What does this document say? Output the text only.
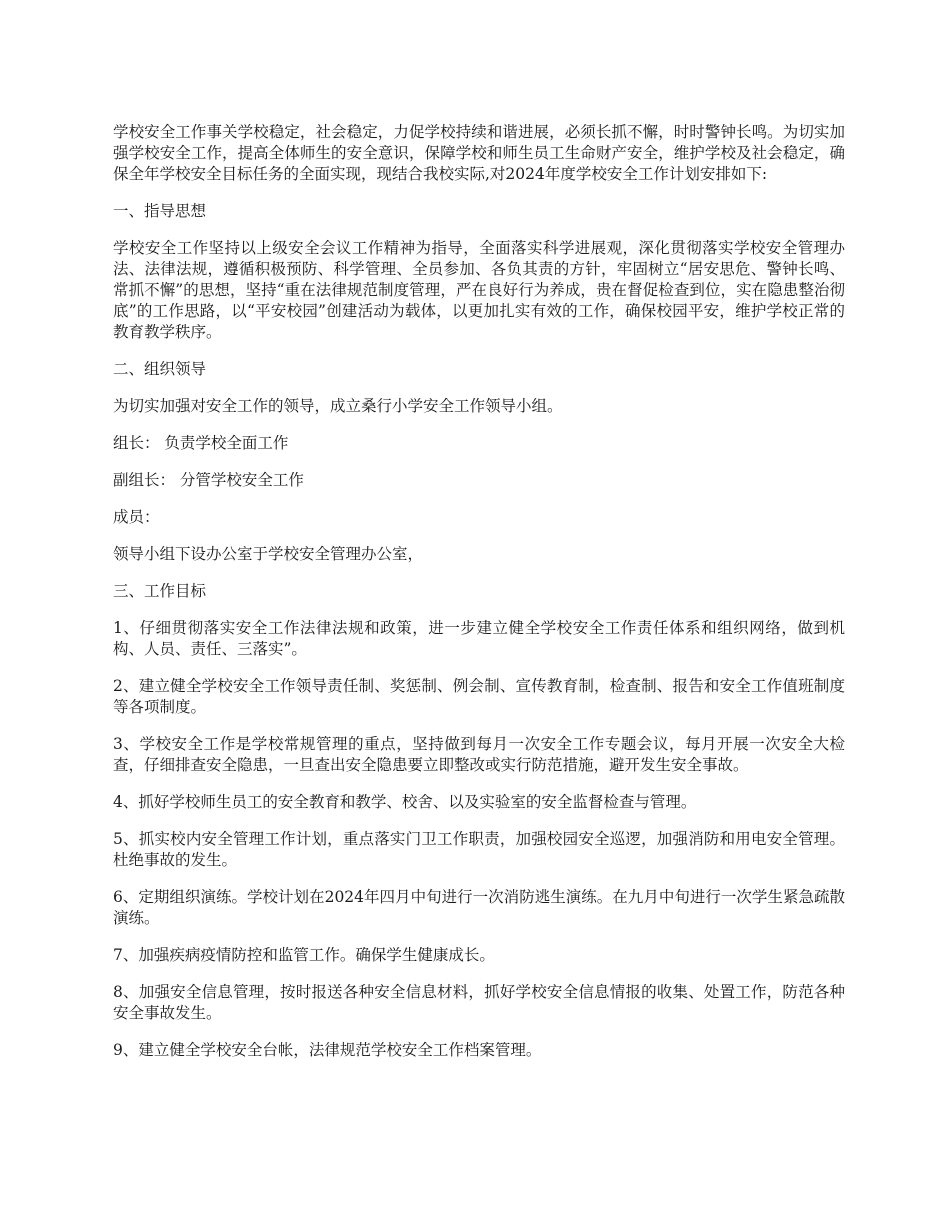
学校安全工作事关学校稳定，社会稳定，力促学校持续和谐进展，必须长抓不懈，时时警钟长鸣。为切实加强学校安全工作，提高全体师生的安全意识，保障学校和师生员工生命财产安全，维护学校及社会稳定，确保全年学校安全目标任务的全面实现，现结合我校实际,对2024年度学校安全工作计划安排如下:

一、指导思想

学校安全工作坚持以上级安全会议工作精神为指导，全面落实科学进展观，深化贯彻落实学校安全管理办法、法律法规，遵循积极预防、科学管理、全员参加、各负其责的方针，牢固树立“居安思危、警钟长鸣、常抓不懈”的思想，坚持“重在法律规范制度管理，严在良好行为养成，贵在督促检查到位，实在隐患整治彻底”的工作思路，以“平安校园”创建活动为载体，以更加扎实有效的工作，确保校园平安，维护学校正常的教育教学秩序。

二、组织领导

为切实加强对安全工作的领导，成立桑行小学安全工作领导小组。

组长： 负责学校全面工作

副组长： 分管学校安全工作

成员：

领导小组下设办公室于学校安全管理办公室，

三、工作目标

1、仔细贯彻落实安全工作法律法规和政策，进一步建立健全学校安全工作责任体系和组织网络，做到机构、人员、责任、三落实”。

2、建立健全学校安全工作领导责任制、奖惩制、例会制、宣传教育制，检查制、报告和安全工作值班制度等各项制度。

3、学校安全工作是学校常规管理的重点，坚持做到每月一次安全工作专题会议，每月开展一次安全大检查，仔细排查安全隐患，一旦查出安全隐患要立即整改或实行防范措施，避开发生安全事故。

4、抓好学校师生员工的安全教育和教学、校舍、以及实验室的安全监督检查与管理。

5、抓实校内安全管理工作计划，重点落实门卫工作职责，加强校园安全巡逻，加强消防和用电安全管理。杜绝事故的发生。

6、定期组织演练。学校计划在2024年四月中旬进行一次消防逃生演练。在九月中旬进行一次学生紧急疏散演练。

7、加强疾病疫情防控和监管工作。确保学生健康成长。

8、加强安全信息管理，按时报送各种安全信息材料，抓好学校安全信息情报的收集、处置工作，防范各种安全事故发生。

9、建立健全学校安全台帐，法律规范学校安全工作档案管理。
